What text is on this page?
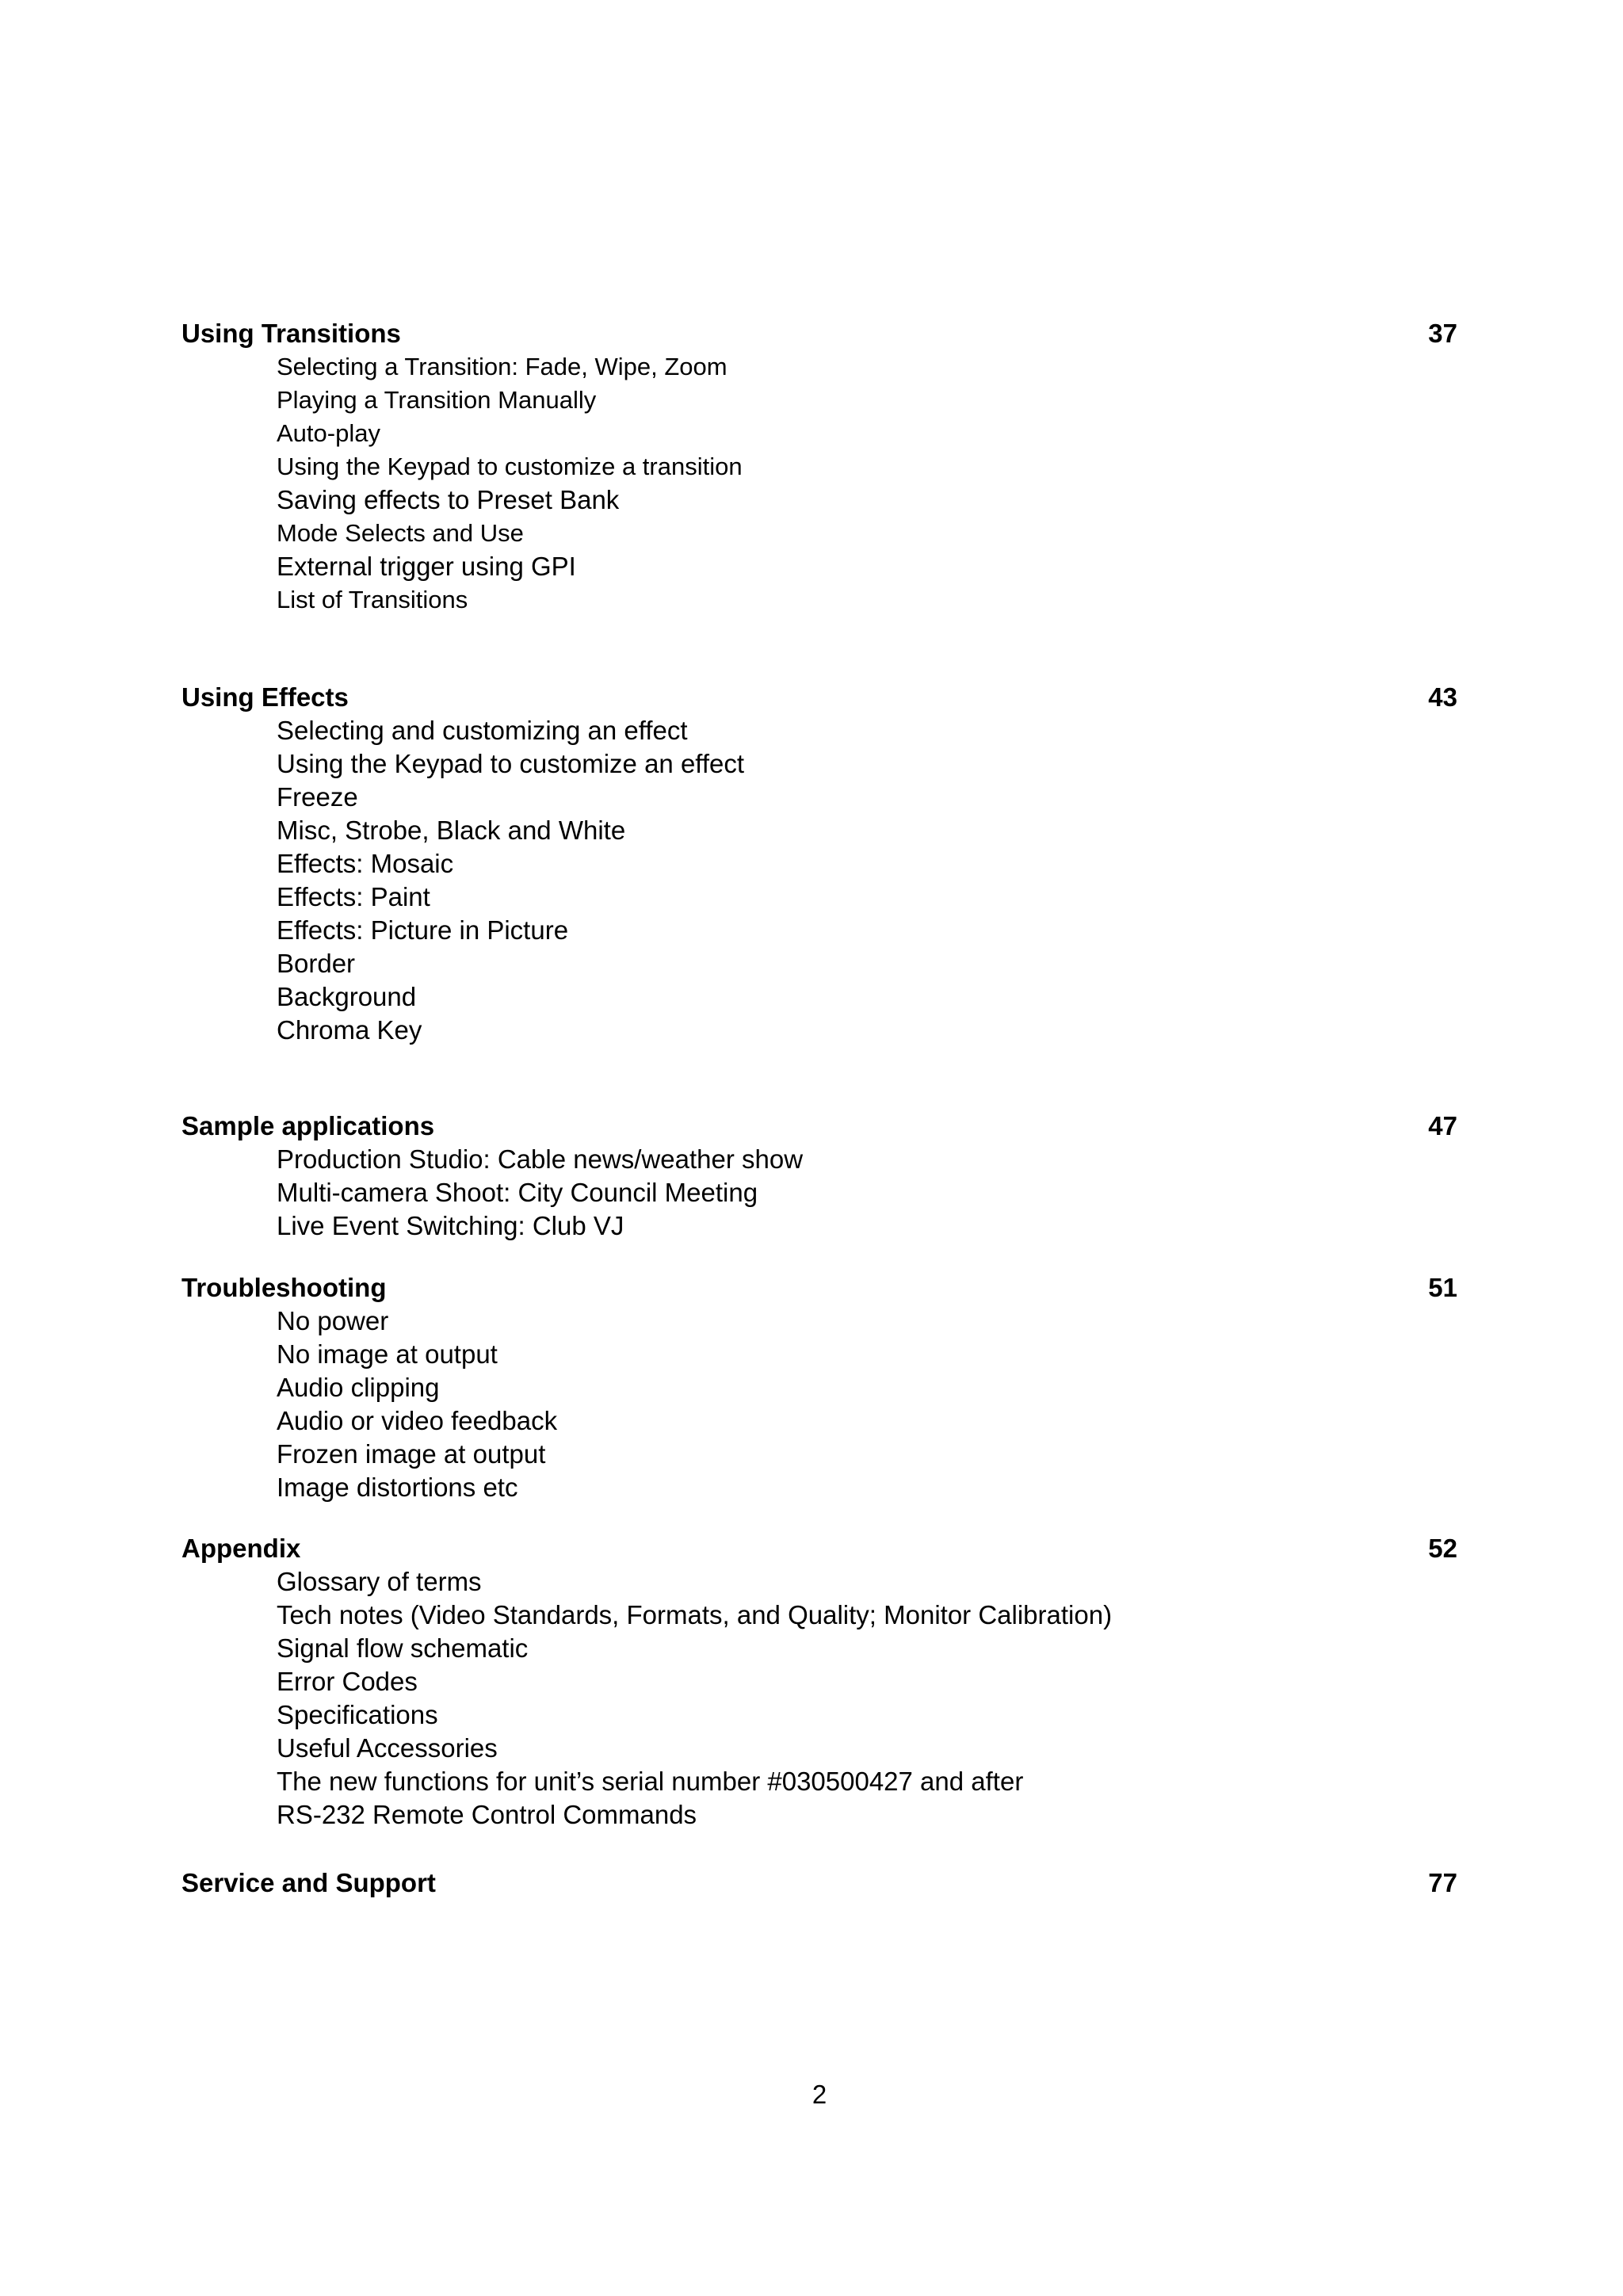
Using Transitions	37
Selecting a Transition: Fade, Wipe, Zoom
Playing a Transition Manually
Auto-play
Using the Keypad to customize a transition
Saving effects to Preset Bank
Mode Selects and Use
External trigger using GPI
List of Transitions
Using Effects	43
Selecting and customizing an effect
Using the Keypad to customize an effect
Freeze
Misc, Strobe, Black and White
Effects: Mosaic
Effects: Paint
Effects: Picture in Picture
Border
Background
Chroma Key
Sample applications	47
Production Studio: Cable news/weather show
Multi-camera Shoot: City Council Meeting
Live Event Switching: Club VJ
Troubleshooting	51
No power
No image at output
Audio clipping
Audio or video feedback
Frozen image at output
Image distortions etc
Appendix	52
Glossary of terms
Tech notes (Video Standards, Formats, and Quality; Monitor Calibration)
Signal flow schematic
Error Codes
Specifications
Useful Accessories
The new functions for unit’s serial number #030500427 and after
RS-232 Remote Control Commands
Service and Support	77
2
